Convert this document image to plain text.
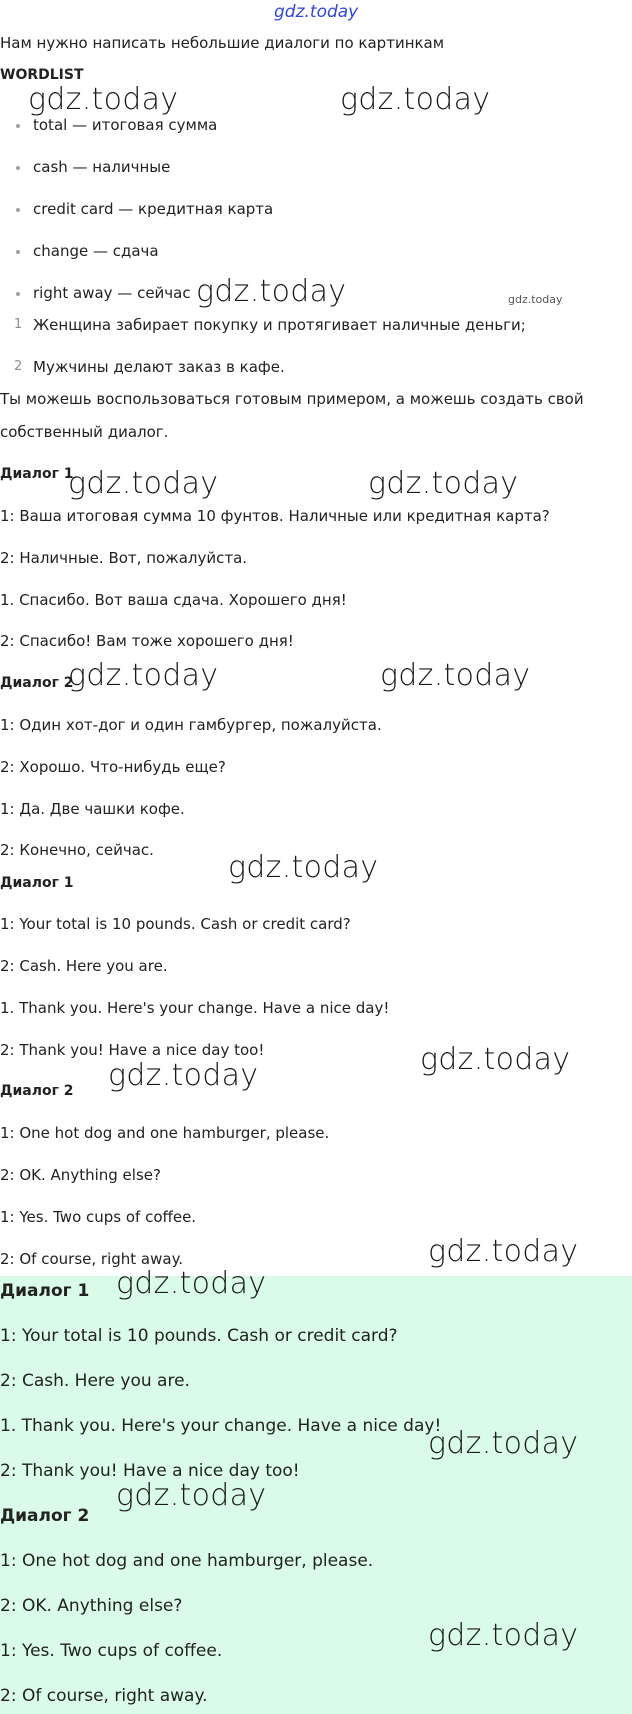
gdz.today
Нам нужно написать небольшие диалоги по картинкам
WORDLIST
total — итоговая сумма
cash — наличные
credit card — кредитная карта
change — сдача
right away — сейчас
1 Женщина забирает покупку и протягивает наличные деньги;
2 Мужчины делают заказ в кафе.
Ты можешь воспользоваться готовым примером, а можешь создать свой
собственный диалог.
Диалог 1
1: Ваша итоговая сумма 10 фунтов. Наличные или кредитная карта?
2: Наличные. Вот, пожалуйста.
1. Спасибо. Вот ваша сдача. Хорошего дня!
2: Спасибо! Вам тоже хорошего дня!
Диалог 2
1: Один хот-дог и один гамбургер, пожалуйста.
2: Хорошо. Что-нибудь еще?
1: Да. Две чашки кофе.
2: Конечно, сейчас.
Диалог 1
1: Your total is 10 pounds. Cash or credit card?
2: Cash. Here you are.
1. Thank you. Here's your change. Have a nice day!
2: Thank you! Have a nice day too!
Диалог 2
1: One hot dog and one hamburger, please.
2: OK. Anything else?
1: Yes. Two cups of coffee.
2: Of course, right away.
Диалог 1
1: Your total is 10 pounds. Cash or credit card?
2: Cash. Here you are.
1. Thank you. Here's your change. Have a nice day!
2: Thank you! Have a nice day too!
Диалог 2
1: One hot dog and one hamburger, please.
2: OK. Anything else?
1: Yes. Two cups of coffee.
2: Of course, right away.
gdz.today	gdz.today
gdz.today	gdz.today
gdz.today	gdz.today
gdz.today	gdz.today
gdz.today
gdz.today
gdz.today
gdz.today
gdz.today
gdz.today
gdz.today
gdz.today
